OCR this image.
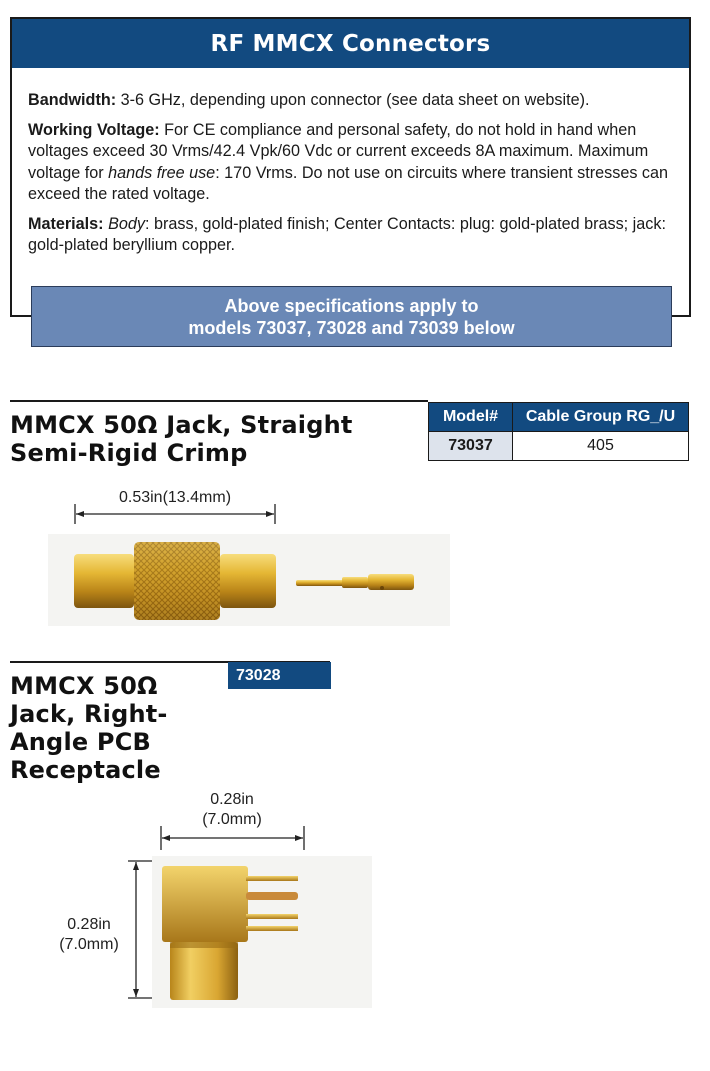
RF MMCX Connectors

Bandwidth: 3-6 GHz, depending upon connector (see data sheet on website).

Working Voltage: For CE compliance and personal safety, do not hold in hand when voltages exceed 30 Vrms/42.4 Vpk/60 Vdc or current exceeds 8A maximum. Maximum voltage for hands free use: 170 Vrms. Do not use on circuits where transient stresses can exceed the rated voltage.

Materials: Body: brass, gold-plated finish; Center Contacts: plug: gold-plated brass; jack: gold-plated beryllium copper.

Above specifications apply to
models 73037, 73028 and 73039 below
MMCX 50Ω Jack, Straight
Semi-Rigid Crimp
Model#	Cable Group RG_/U
73037	405
0.53in(13.4mm)
73028
MMCX 50Ω
Jack, Right-
Angle PCB
Receptacle
0.28in
(7.0mm)
0.28in
(7.0mm)
